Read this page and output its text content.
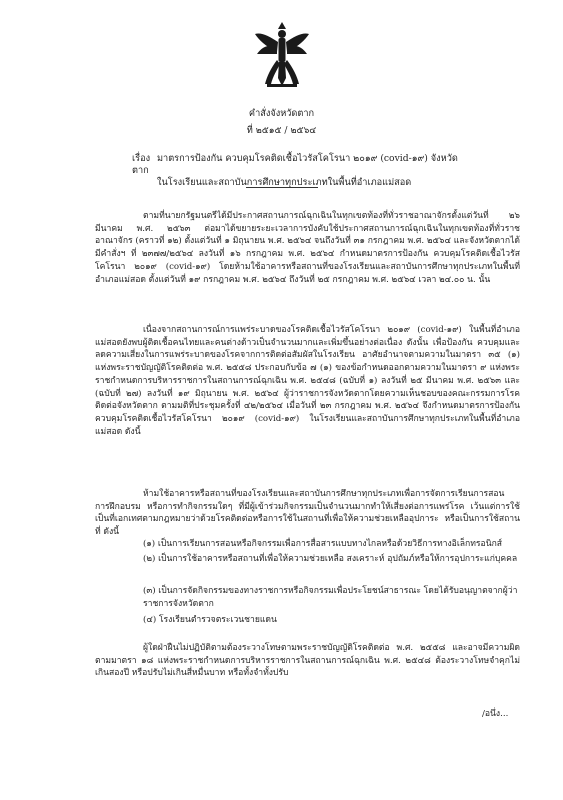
คำสั่งจังหวัดตาก
ที่ ๒๕๑๕ / ๒๕๖๔
เรื่อง มาตรการป้องกัน ควบคุมโรคติดเชื้อไวรัสโคโรนา ๒๐๑๙ (covid-๑๙) จังหวัดตาก
ในโรงเรียนและสถาบันการศึกษาทุกประเภทในพื้นที่อำเภอแม่สอด

ตามที่นายกรัฐมนตรีได้มีประกาศสถานการณ์ฉุกเฉินในทุกเขตท้องที่ทั่วราชอาณาจักรตั้งแต่วันที่ ๒๖ มีนาคม พ.ศ. ๒๕๖๓ ต่อมาได้ขยายระยะเวลาการบังคับใช้ประกาศสถานการณ์ฉุกเฉินในทุกเขตท้องที่ทั่วราชอาณาจักร (คราวที่ ๑๒) ตั้งแต่วันที่ ๑ มิถุนายน พ.ศ. ๒๕๖๔ จนถึงวันที่ ๓๑ กรกฎาคม พ.ศ. ๒๕๖๔ และจังหวัดตากได้มีคำสั่งฯ ที่ ๒๓๗๗/๒๕๖๔ ลงวันที่ ๑๖ กรกฎาคม พ.ศ. ๒๕๖๔ กำหนดมาตรการป้องกัน ควบคุมโรคติดเชื้อไวรัสโคโรนา ๒๐๑๙ (covid-๑๙) โดยห้ามใช้อาคารหรือสถานที่ของโรงเรียนและสถาบันการศึกษาทุกประเภทในพื้นที่อำเภอแม่สอด ตั้งแต่วันที่ ๑๙ กรกฎาคม พ.ศ. ๒๕๖๔ ถึงวันที่ ๒๕ กรกฎาคม พ.ศ. ๒๕๖๔ เวลา ๒๔.๐๐ น. นั้น

เนื่องจากสถานการณ์การแพร่ระบาดของโรคติดเชื้อไวรัสโคโรนา ๒๐๑๙ (covid-๑๙) ในพื้นที่อำเภอแม่สอดยังพบผู้ติดเชื้อคนไทยและคนต่างด้าวเป็นจำนวนมากและเพิ่มขึ้นอย่างต่อเนื่อง ดังนั้น เพื่อป้องกัน ควบคุมและลดความเสี่ยงในการแพร่ระบาดของโรคจากการติดต่อสัมผัสในโรงเรียน อาศัยอำนาจตามความในมาตรา ๓๕ (๑) แห่งพระราชบัญญัติโรคติดต่อ พ.ศ. ๒๕๕๘ ประกอบกับข้อ ๗ (๑) ของข้อกำหนดออกตามความในมาตรา ๙ แห่งพระราชกำหนดการบริหารราชการในสถานการณ์ฉุกเฉิน พ.ศ. ๒๕๔๘ (ฉบับที่ ๑) ลงวันที่ ๒๕ มีนาคม พ.ศ. ๒๕๖๓ และ (ฉบับที่ ๒๗) ลงวันที่ ๑๙ มิถุนายน พ.ศ. ๒๕๖๔ ผู้ว่าราชการจังหวัดตากโดยความเห็นชอบของคณะกรรมการโรคติดต่อจังหวัดตาก ตามมติที่ประชุมครั้งที่ ๔๒/๒๕๖๔ เมื่อวันที่ ๒๓ กรกฎาคม พ.ศ. ๒๕๖๔ จึงกำหนดมาตรการป้องกัน ควบคุมโรคติดเชื้อไวรัสโคโรนา ๒๐๑๙ (covid-๑๙) ในโรงเรียนและสถาบันการศึกษาทุกประเภทในพื้นที่อำเภอแม่สอด ดังนี้

ห้ามใช้อาคารหรือสถานที่ของโรงเรียนและสถาบันการศึกษาทุกประเภทเพื่อการจัดการเรียนการสอน การฝึกอบรม หรือการทำกิจกรรมใดๆ ที่มีผู้เข้าร่วมกิจกรรมเป็นจำนวนมากทำให้เสี่ยงต่อการแพร่โรค เว้นแต่การใช้เป็นที่เอกเทศตามกฎหมายว่าด้วยโรคติดต่อหรือการใช้ในสถานที่เพื่อให้ความช่วยเหลืออุปการะ หรือเป็นการใช้สถานที่ ดังนี้

(๑) เป็นการเรียนการสอนหรือกิจกรรมเพื่อการสื่อสารแบบทางไกลหรือด้วยวิธีการทางอิเล็กทรอนิกส์

(๒) เป็นการใช้อาคารหรือสถานที่เพื่อให้ความช่วยเหลือ สงเคราะห์ อุปถัมภ์หรือให้การอุปการะแก่บุคคล

(๓) เป็นการจัดกิจกรรมของทางราชการหรือกิจกรรมเพื่อประโยชน์สาธารณะ โดยได้รับอนุญาตจากผู้ว่าราชการจังหวัดตาก

(๔) โรงเรียนตำรวจตระเวนชายแดน

ผู้ใดฝ่าฝืนไม่ปฏิบัติตามต้องระวางโทษตามพระราชบัญญัติโรคติดต่อ พ.ศ. ๒๕๕๘ และอาจมีความผิดตามมาตรา ๑๘ แห่งพระราชกำหนดการบริหารราชการในสถานการณ์ฉุกเฉิน พ.ศ. ๒๕๔๘ ต้องระวางโทษจำคุกไม่เกินสองปี หรือปรับไม่เกินสี่หมื่นบาท หรือทั้งจำทั้งปรับ

/อนึ่ง...
